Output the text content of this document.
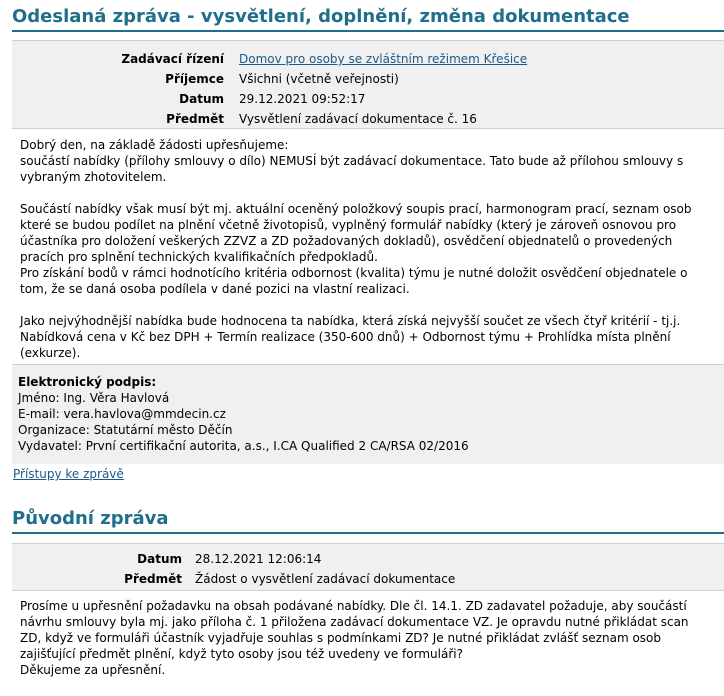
Odeslaná zpráva - vysvětlení, doplnění, změna dokumentace
Zadávací řízení Domov pro osoby se zvláštním režimem Křešice
Příjemce Všichni (včetně veřejnosti)
Datum 29.12.2021 09:52:17
Předmět Vysvětlení zadávací dokumentace č. 16
Dobrý den, na základě žádosti upřesňujeme:
součástí nabídky (přílohy smlouvy o dílo) NEMUSÍ být zadávací dokumentace. Tato bude až přílohou smlouvy s vybraným zhotovitelem.
Součástí nabídky však musí být mj. aktuální oceněný položkový soupis prací, harmonogram prací, seznam osob které se budou podílet na plnění včetně životopisů, vyplněný formulář nabídky (který je zároveň osnovou pro účastníka pro doložení veškerých ZZVZ a ZD požadovaných dokladů), osvědčení objednatelů o provedených pracích pro splnění technických kvalifikačních předpokladů.
Pro získání bodů v rámci hodnotícího kritéria odbornost (kvalita) týmu je nutné doložit osvědčení objednatele o tom, že se daná osoba podílela v dané pozici na vlastní realizaci.
Jako nejvýhodnější nabídka bude hodnocena ta nabídka, která získá nejvyšší součet ze všech čtyř kritérií - tj.j. Nabídková cena v Kč bez DPH + Termín realizace (350-600 dnů) + Odbornost týmu + Prohlídka místa plnění (exkurze).
Elektronický podpis:
Jméno: Ing. Věra Havlová
E-mail: vera.havlova@mmdecin.cz
Organizace: Statutární město Děčín
Vydavatel: První certifikační autorita, a.s., I.CA Qualified 2 CA/RSA 02/2016
Přístupy ke zprávě
Původní zpráva
Datum 28.12.2021 12:06:14
Předmět Žádost o vysvětlení zadávací dokumentace
Prosíme u upřesnění požadavku na obsah podávané nabídky. Dle čl. 14.1. ZD zadavatel požaduje, aby součástí návrhu smlouvy byla mj. jako příloha č. 1 přiložena zadávací dokumentace VZ. Je opravdu nutné přikládat scan ZD, když ve formuláři účastník vyjadřuje souhlas s podmínkami ZD? Je nutné přikládat zvlášť seznam osob zajišťující předmět plnění, když tyto osoby jsou též uvedeny ve formuláři?
Děkujeme za upřesnění.
